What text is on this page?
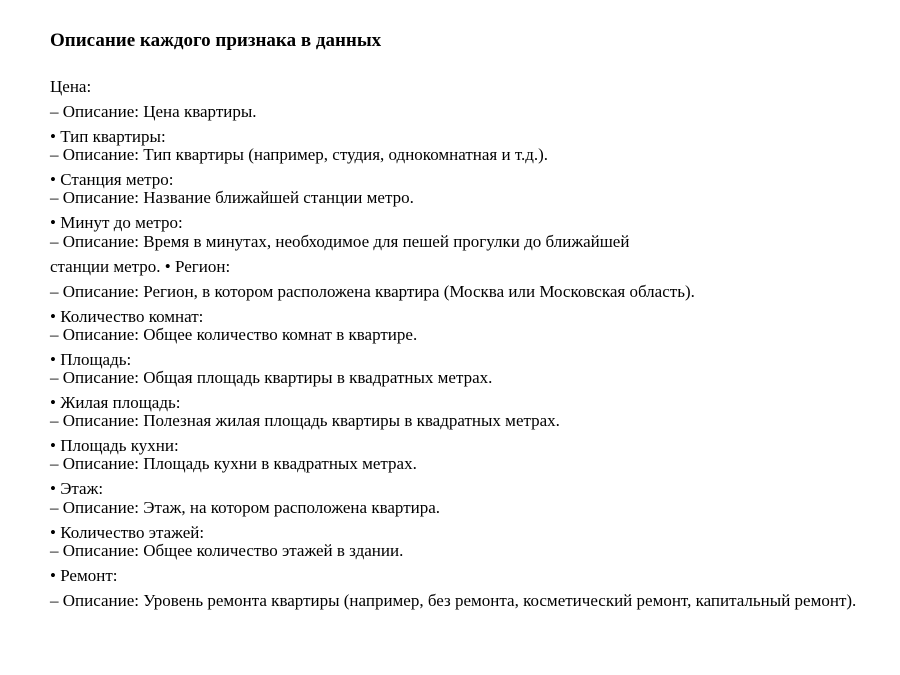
Описание каждого признака в данных
Цена:
– Описание: Цена квартиры.
• Тип квартиры:
– Описание: Тип квартиры (например, студия, однокомнатная и т.д.).
• Станция метро:
– Описание: Название ближайшей станции метро.
• Минут до метро:
– Описание: Время в минутах, необходимое для пешей прогулки до ближайшей
станции метро. • Регион:
– Описание: Регион, в котором расположена квартира (Москва или Московская область).
• Количество комнат:
– Описание: Общее количество комнат в квартире.
• Площадь:
– Описание: Общая площадь квартиры в квадратных метрах.
• Жилая площадь:
– Описание: Полезная жилая площадь квартиры в квадратных метрах.
• Площадь кухни:
– Описание: Площадь кухни в квадратных метрах.
• Этаж:
– Описание: Этаж, на котором расположена квартира.
• Количество этажей:
– Описание: Общее количество этажей в здании.
• Ремонт:
– Описание: Уровень ремонта квартиры (например, без ремонта, косметический ремонт, капитальный ремонт).
